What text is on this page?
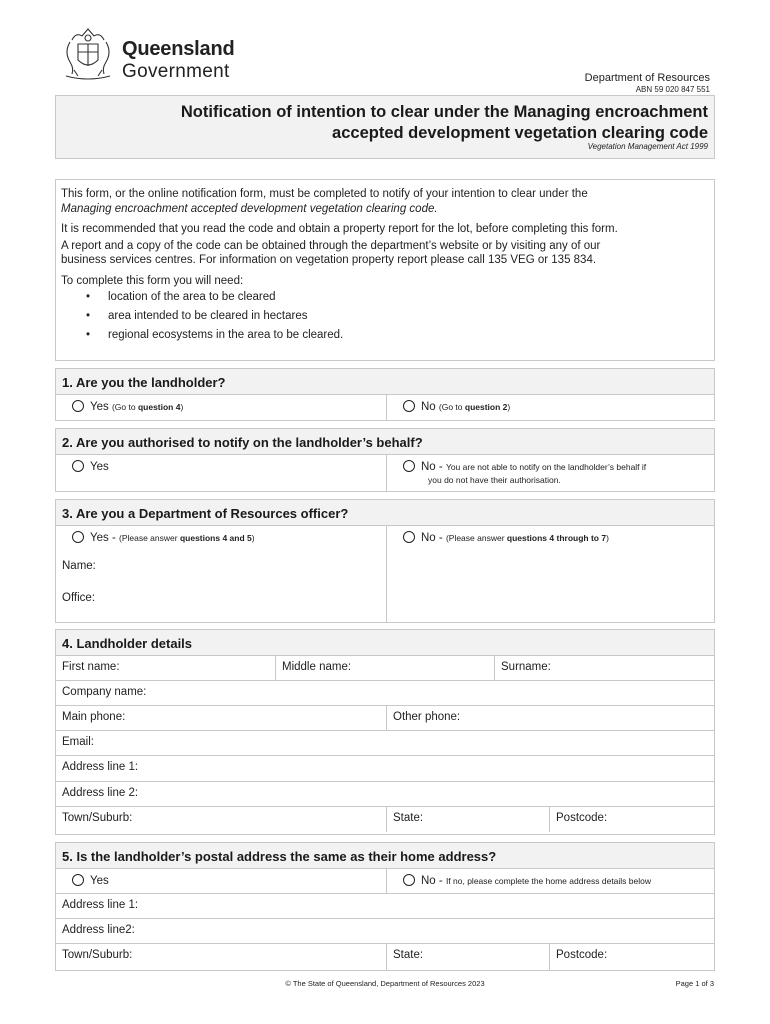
Queensland
Government	Department of Resources
ABN 59 020 847 551
Notification of intention to clear under the Managing encroachment
accepted development vegetation clearing code
Vegetation Management Act 1999

This form, or the online notification form, must be completed to notify of your intention to clear under the
Managing encroachment accepted development vegetation clearing code.

It is recommended that you read the code and obtain a property report for the lot, before completing this form.

A report and a copy of the code can be obtained through the department’s website or by visiting any of our
business services centres. For information on vegetation property report please call 135 VEG or 135 834.

To complete this form you will need:

• location of the area to be cleared
• area intended to be cleared in hectares
• regional ecosystems in the area to be cleared.
1. Are you the landholder?
Yes (Go to question 4)	No (Go to question 2)
2. Are you authorised to notify on the landholder’s behalf?
Yes	No - You are not able to notify on the landholder’s behalf if
you do not have their authorisation.
3. Are you a Department of Resources officer?
Yes - (Please answer questions 4 and 5)
Name:
Office:
No - (Please answer questions 4 through to 7)
4. Landholder details
First name:	Middle name:	Surname:
Company name:
Main phone:	Other phone:
Email:
Address line 1:
Address line 2:
Town/Suburb:	State:	Postcode:
5. Is the landholder’s postal address the same as their home address?
Yes	No - If no, please complete the home address details below
Address line 1:
Address line2:
Town/Suburb:	State:	Postcode:
© The State of Queensland, Department of Resources 2023	Page 1 of 3
